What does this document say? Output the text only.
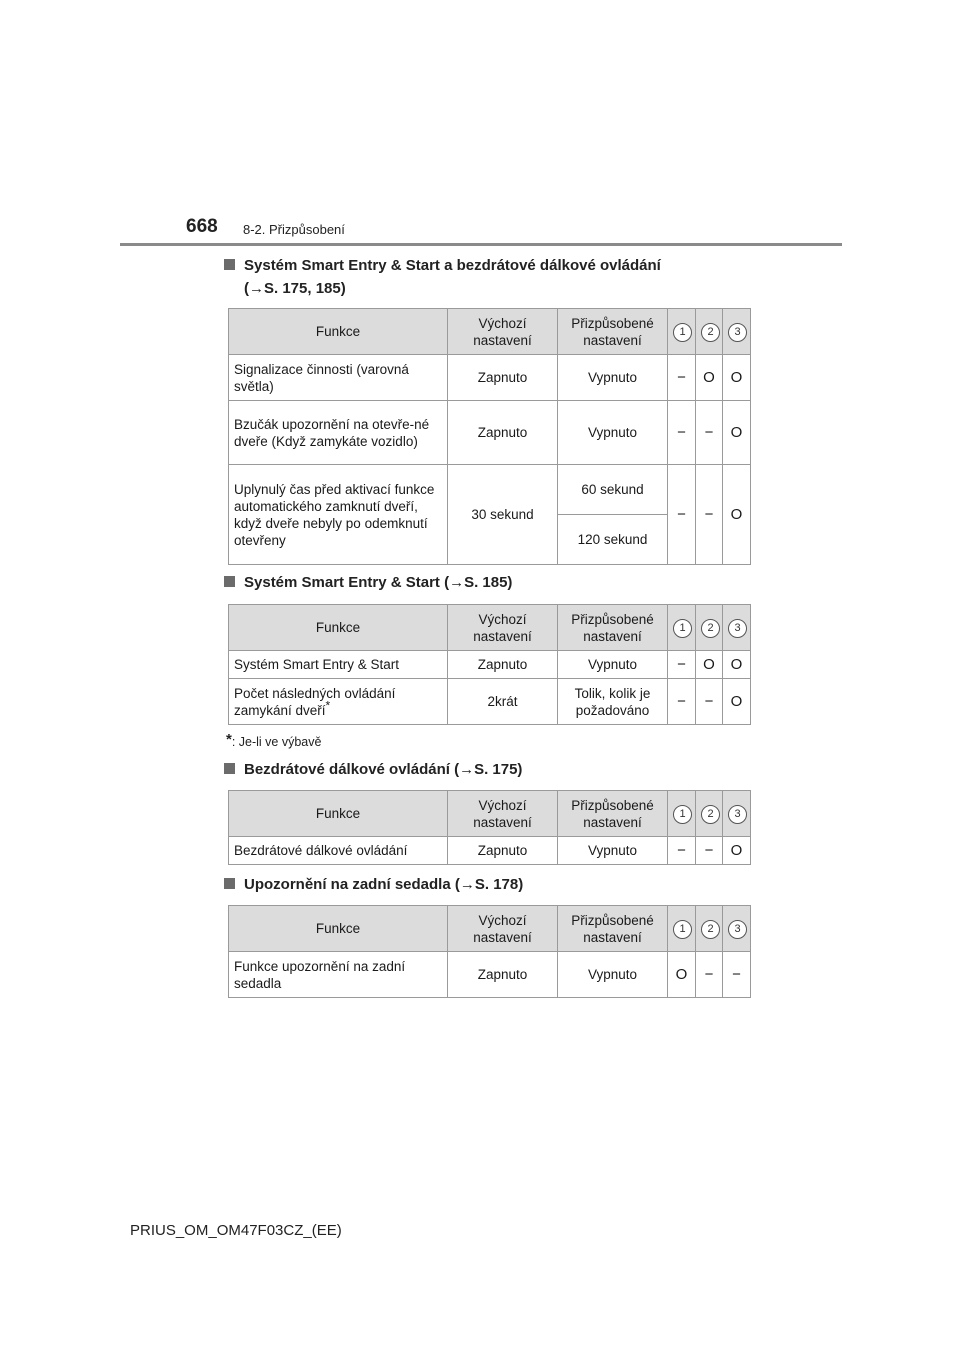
668 8-2. Přizpůsobení
Systém Smart Entry & Start a bezdrátové dálkové ovládání
(→S. 175, 185)
Funkce	Výchozí nastavení	Přizpůsobené nastavení	1	2	3
Signalizace činnosti (varovná světla)	Zapnuto	Vypnuto	−	O	O
Bzučák upozornění na otevře-né dveře (Když zamykáte vozidlo)	Zapnuto	Vypnuto	−	−	O
Uplynulý čas před aktivací funkce automatického zamknutí dveří, když dveře nebyly po odemknutí otevřeny	30 sekund	60 sekund	−	−	O
		120 sekund			
Systém Smart Entry & Start (→S. 185)
Funkce	Výchozí nastavení	Přizpůsobené nastavení	1	2	3
Systém Smart Entry & Start	Zapnuto	Vypnuto	−	O	O
Počet následných ovládání zamykání dveří*	2krát	Tolik, kolik je požadováno	−	−	O
*: Je-li ve výbavě
Bezdrátové dálkové ovládání (→S. 175)
Funkce	Výchozí nastavení	Přizpůsobené nastavení	1	2	3
Bezdrátové dálkové ovládání	Zapnuto	Vypnuto	−	−	O
Upozornění na zadní sedadla (→S. 178)
Funkce	Výchozí nastavení	Přizpůsobené nastavení	1	2	3
Funkce upozornění na zadní sedadla	Zapnuto	Vypnuto	O	−	−
PRIUS_OM_OM47F03CZ_(EE)
